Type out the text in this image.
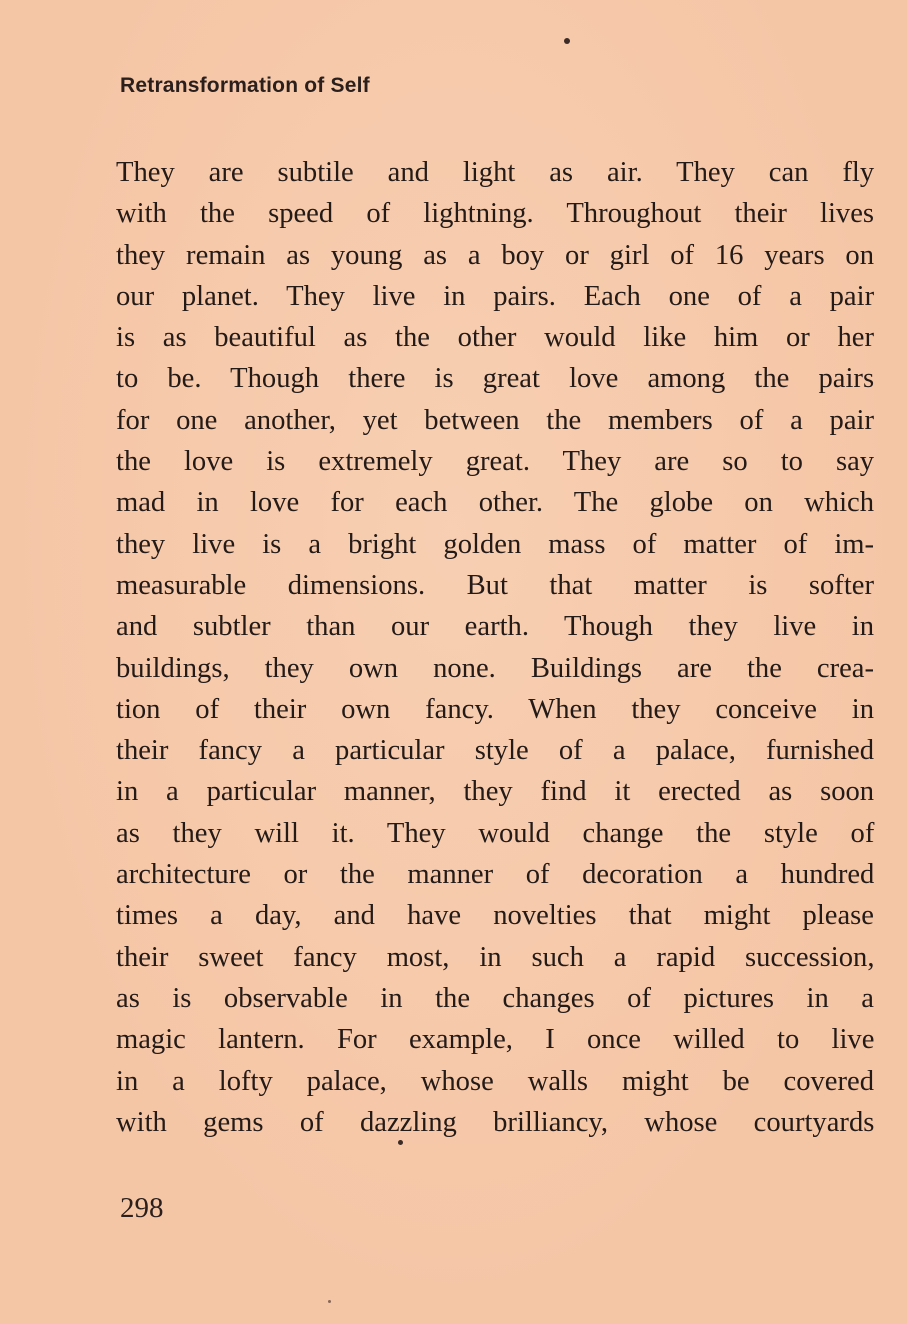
Retransformation of Self
They are subtile and light as air. They can fly
with the speed of lightning. Throughout their lives
they remain as young as a boy or girl of 16 years on
our planet. They live in pairs. Each one of a pair
is as beautiful as the other would like him or her
to be. Though there is great love among the pairs
for one another, yet between the members of a pair
the love is extremely great. They are so to say
mad in love for each other. The globe on which
they live is a bright golden mass of matter of im-
measurable dimensions. But that matter is softer
and subtler than our earth. Though they live in
buildings, they own none. Buildings are the crea-
tion of their own fancy. When they conceive in
their fancy a particular style of a palace, furnished
in a particular manner, they find it erected as soon
as they will it. They would change the style of
architecture or the manner of decoration a hundred
times a day, and have novelties that might please
their sweet fancy most, in such a rapid succession,
as is observable in the changes of pictures in a
magic lantern. For example, I once willed to live
in a lofty palace, whose walls might be covered
with gems of dazzling brilliancy, whose courtyards
298
